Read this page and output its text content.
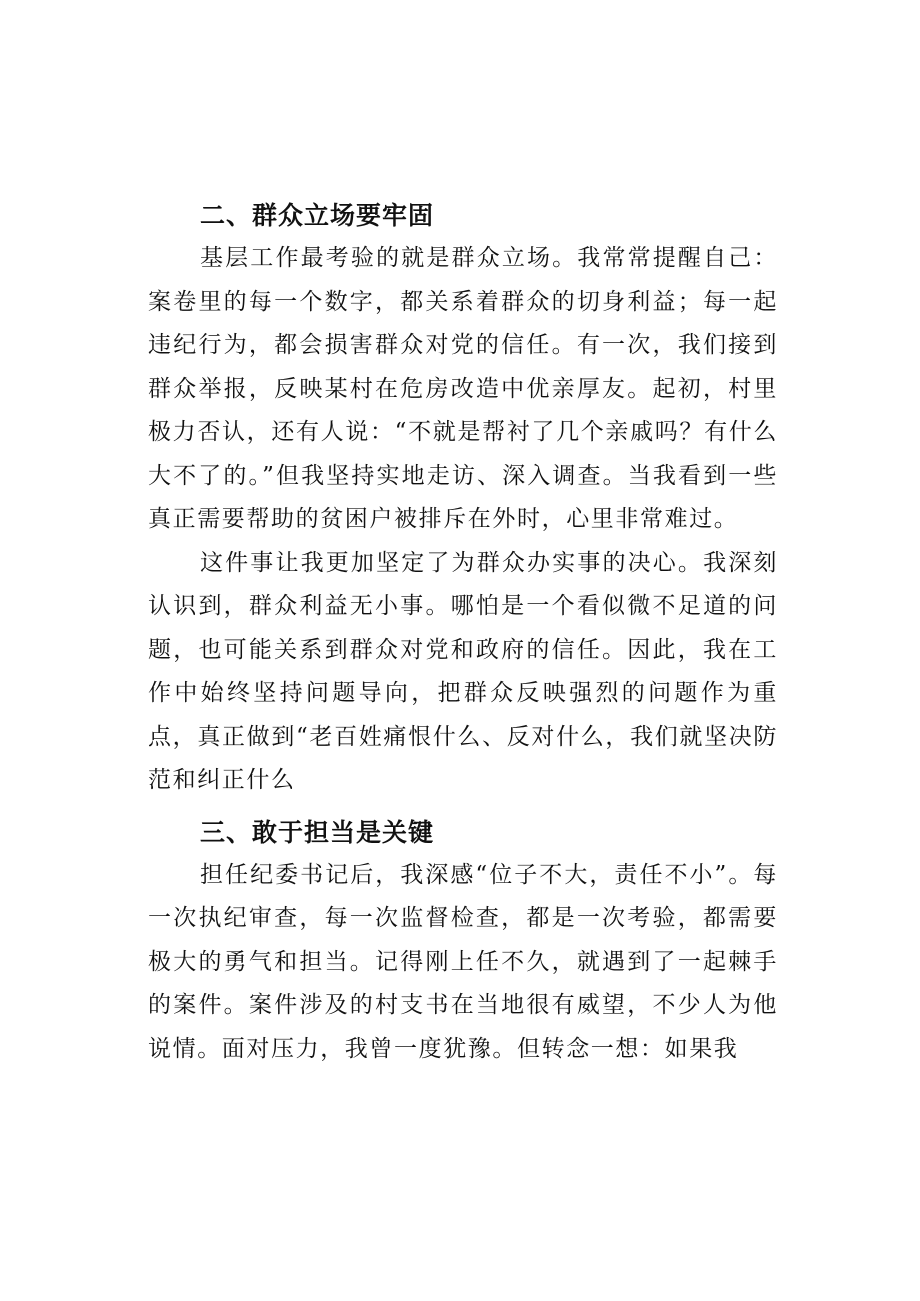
二、群众立场要牢固

基层工作最考验的就是群众立场。我常常提醒自己：案卷里的每一个数字，都关系着群众的切身利益；每一起违纪行为，都会损害群众对党的信任。有一次，我们接到群众举报，反映某村在危房改造中优亲厚友。起初，村里极力否认，还有人说：“不就是帮衬了几个亲戚吗？有什么大不了的。”但我坚持实地走访、深入调查。当我看到一些真正需要帮助的贫困户被排斥在外时，心里非常难过。

这件事让我更加坚定了为群众办实事的决心。我深刻认识到，群众利益无小事。哪怕是一个看似微不足道的问题，也可能关系到群众对党和政府的信任。因此，我在工作中始终坚持问题导向，把群众反映强烈的问题作为重点，真正做到“老百姓痛恨什么、反对什么，我们就坚决防范和纠正什么

三、敢于担当是关键

担任纪委书记后，我深感“位子不大，责任不小”。每一次执纪审查，每一次监督检查，都是一次考验，都需要极大的勇气和担当。记得刚上任不久，就遇到了一起棘手的案件。案件涉及的村支书在当地很有威望，不少人为他说情。面对压力，我曾一度犹豫。但转念一想：如果我
